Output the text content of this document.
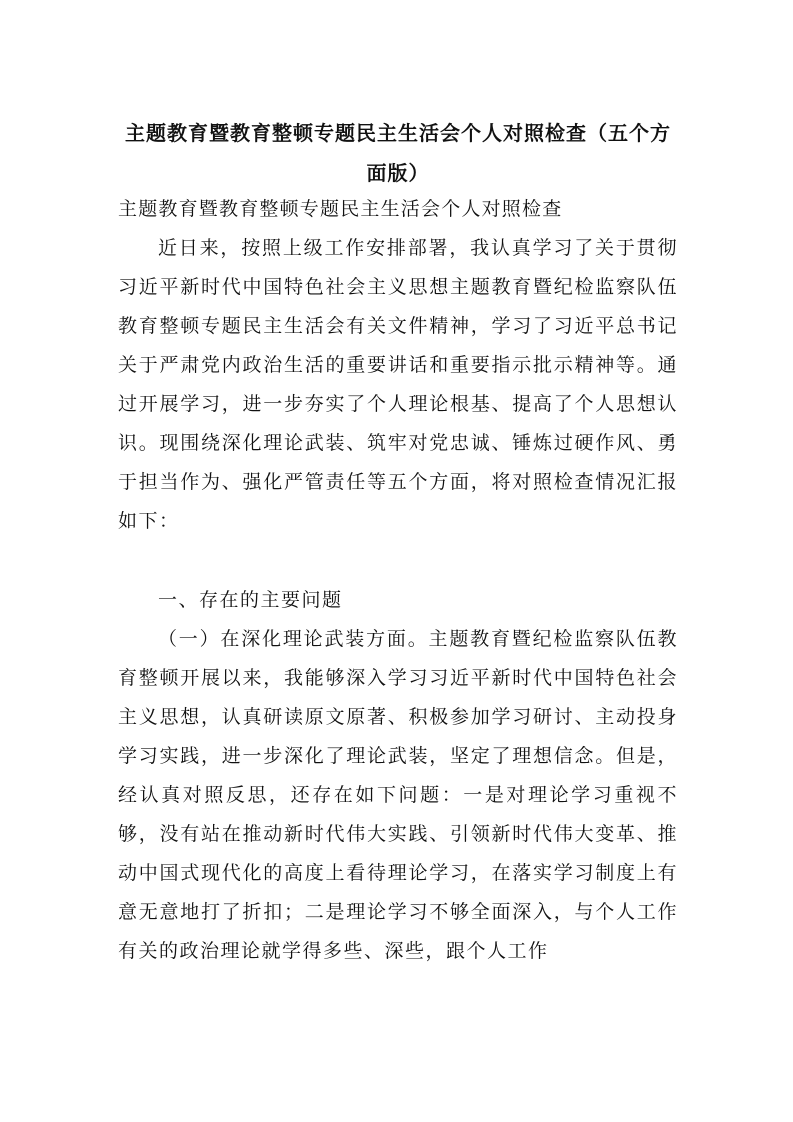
主题教育暨教育整顿专题民主生活会个人对照检查（五个方
面版）

主题教育暨教育整顿专题民主生活会个人对照检查

近日来，按照上级工作安排部署，我认真学习了关于贯彻习近平新时代中国特色社会主义思想主题教育暨纪检监察队伍教育整顿专题民主生活会有关文件精神，学习了习近平总书记关于严肃党内政治生活的重要讲话和重要指示批示精神等。通过开展学习，进一步夯实了个人理论根基、提高了个人思想认识。现围绕深化理论武装、筑牢对党忠诚、锤炼过硬作风、勇于担当作为、强化严管责任等五个方面，将对照检查情况汇报如下：

一、存在的主要问题

（一）在深化理论武装方面。主题教育暨纪检监察队伍教育整顿开展以来，我能够深入学习习近平新时代中国特色社会主义思想，认真研读原文原著、积极参加学习研讨、主动投身学习实践，进一步深化了理论武装，坚定了理想信念。但是，经认真对照反思，还存在如下问题：一是对理论学习重视不够，没有站在推动新时代伟大实践、引领新时代伟大变革、推动中国式现代化的高度上看待理论学习，在落实学习制度上有意无意地打了折扣；二是理论学习不够全面深入，与个人工作有关的政治理论就学得多些、深些，跟个人工作
